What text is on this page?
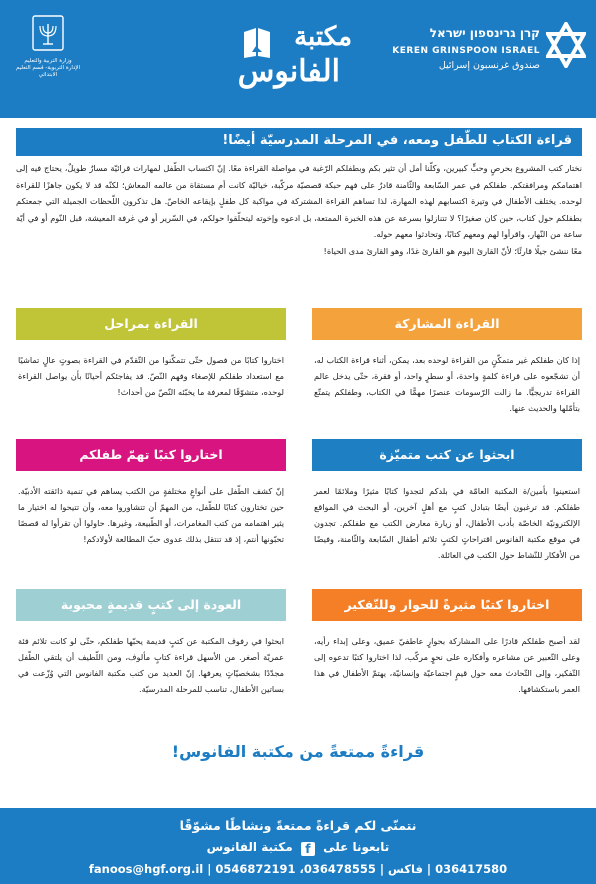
وزارة التربية والتعليم
الإدارة التربوية- قسم التعليم الابتدائي
مكتبة
الفانوس
קרן גרינספון ישראל
KEREN GRINSPOON ISRAEL
صندوق غرنسبون إسرائيل
قراءة الكتاب للطّفل ومعه، في المرحلة المدرسيّة أيضًا!

نختار كتب المشروع بحرصٍ وحبٍّ كبيرين، وكلّنا أمل أن تثير بكم وبطفلكم الرّغبة في مواصلة القراءة معًا. إنّ اكتساب الطّفل لمهارات قرائيّة مسارٌ طويلٌ، يحتاج فيه إلى اهتمامكم ومرافقتكم. طفلكم في عمر السّابعة والثّامنة قادرٌ على فهم حبكة قصصيّة مركّبة، خياليّة كانت أم مستقاة من عالمه المعاش؛ لكنّه قد لا يكون جاهزًا للقراءة لوحده. يختلف الأطفال في وتيرة اكتسابهم لهذه المهارة، لذا تساهم القراءة المشتركة في مواكبة كل طفلٍ بإيقاعه الخاصّ. هل تذكرون اللّحظات الجميلة التي جمعتكم بطفلكم حول كتاب، حين كان صغيرًا؟ لا تتنازلوا بسرعة عن هذه الخبرة الممتعة، بل ادعوه وإخوته ليتحلّقوا حولكم، في السّرير أو في غرفة المعيشة، قبل النّوم أو في أيّة ساعة من النّهار، واقرأوا لهم ومعهم كتابًا، وتحادثوا معهم حوله.

معًا ننشئ جيلًا قارئًا؛ لأنّ القارئ اليوم هو القارئ غدًا، وهو القارئ مدى الحياة!

القراءة المشاركة
إذا كان طفلكم غير متمكّنٍ من القراءة لوحده بعد، يمكن، أثناء قراءة الكتاب له، أن تشجّعوه على قراءة كلمةٍ واحدة، أو سطرٍ واحد، أو فقرة، حتّى يدخل عالم القراءة تدريجيًّا. ما زالت الرّسومات عنصرًا مهمًّا في الكتاب، وطفلكم يتمتّع بتأمّلها والحديث عنها.
القراءة بمراحل
اختاروا كتابًا من فصول حتّى تتمكّنوا من التّقدّم في القراءة بصوتٍ عالٍ تماشيًا مع استعداد طفلكم للإصغاء وفهم النّصّ. قد يفاجئكم أحيانًا بأن يواصل القراءة لوحده، متشوّقًا لمعرفة ما يخبّئه النّصّ من أحداث!
ابحثوا عن كتب متميّزة
استعينوا بأمين/ة المكتبة العامّة في بلدكم لتجدوا كتابًا مثيرًا وملائمًا لعمر طفلكم. قد ترغبون أيضًا بتبادل كتبٍ مع أهلٍ آخرين، أو البحث في المواقع الإلكترونيّة الخاصّة بأدب الأطفال، أو زيارة معارض الكتب مع طفلكم. تجدون في موقع مكتبة الفانوس اقتراحاتٍ لكتبٍ تلائم أطفال السّابعة والثّامنة، وفيضًا من الأفكار للنّشاط حول الكتب في العائلة.
اختاروا كتبًا تهمّ طفلكم
إنّ كشف الطّفل على أنواعٍ مختلفةٍ من الكتب يساهم في تنمية ذائقته الأدبيّة. حين تختارون كتابًا للطّفل، من المهمّ أن تتشاوروا معه، وأن تتيحوا له اختيار ما يثير اهتمامه من كتب المغامرات، أو الطّبيعة، وغيرها. حاولوا أن تقرأوا له قصصًا تحبّونها أنتم، إذ قد تنتقل بذلك عدوى حبّ المطالعة لأولادكم!
اختاروا كتبًا مثيرةً للحوار وللتّفكير
لقد أصبح طفلكم قادرًا على المشاركة بحوارٍ عاطفيّ عميق، وعلى إبداء رأيه، وعلى التّعبير عن مشاعره وأفكاره على نحوٍ مركّب، لذا اختاروا كتبًا تدعوه إلى التّفكير، وإلى التّحادث معه حول قيمٍ اجتماعيّة وإنسانيّة، يهتمّ الأطفال في هذا العمر باستكشافها.
العودة إلى كتبٍ قديمةٍ محبوبة
ابحثوا في رفوف المكتبة عن كتبٍ قديمة يحبّها طفلكم، حتّى لو كانت تلائم فئة عمريّة أصغر. من الأسهل قراءة كتابٍ مألوف، ومن اللّطيف أن يلتقي الطّفل مجدّدًا بشخصيّاتٍ يعرفها. إنّ العديد من كتب مكتبة الفانوس التي وُزّعت في بساتين الأطفال، تناسب للمرحلة المدرسيّة.
قراءةً ممتعةً من مكتبة الفانوس!
نتمنّى لكم قراءةً ممتعةً ونشاطًا مشوّقًا
تابعونا على f مكتبة الفانوس
036417580 | فاكس | fanoos@hgf.org.il | 0546872191 ،036478555
